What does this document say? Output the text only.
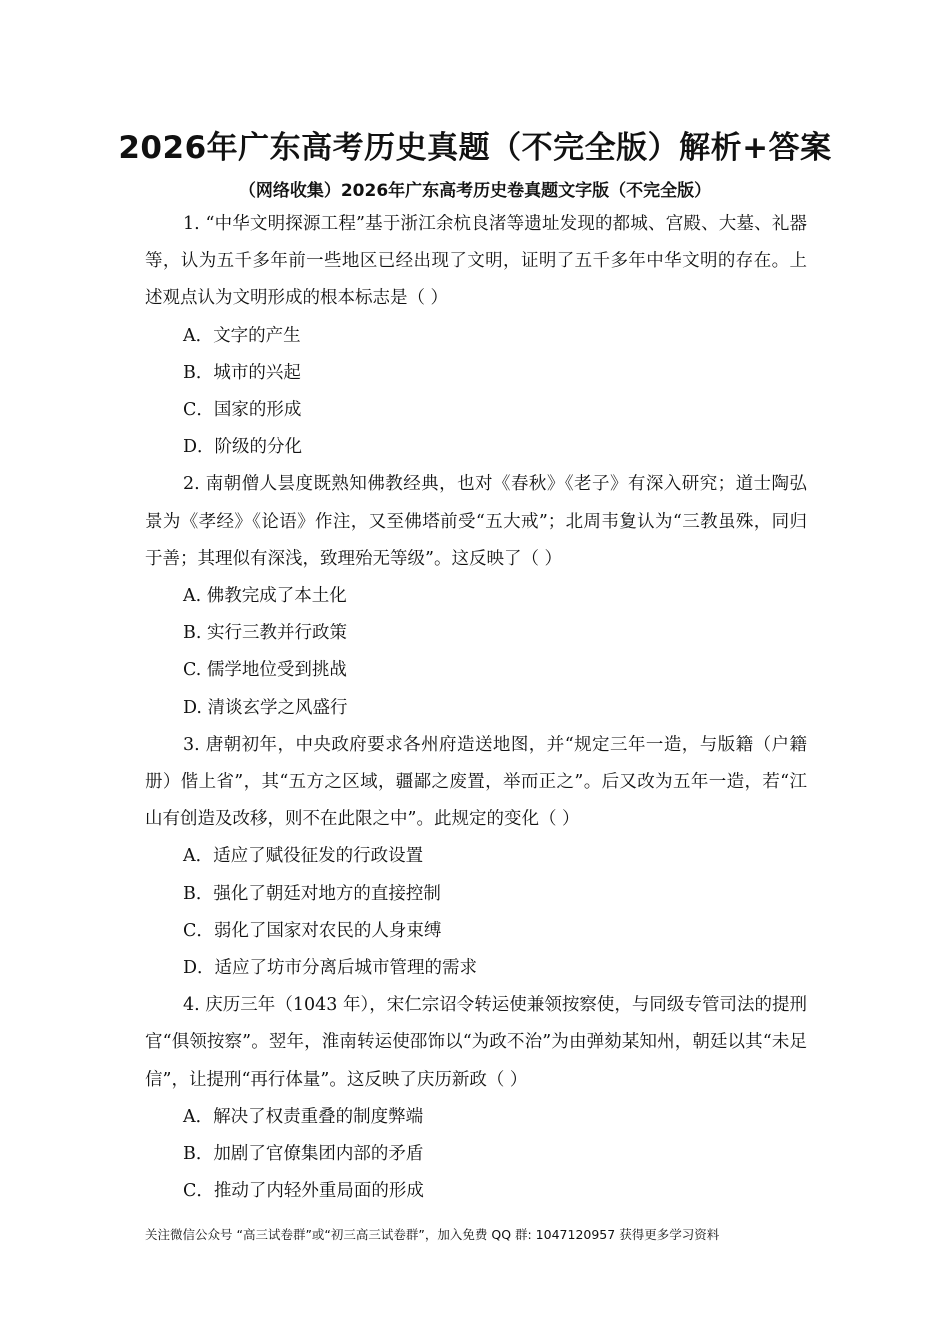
2026年广东高考历史真题（不完全版）解析+答案
（网络收集）2026年广东高考历史卷真题文字版（不完全版）

1. “中华文明探源工程”基于浙江余杭良渚等遗址发现的都城、宫殿、大墓、礼器等，认为五千多年前一些地区已经出现了文明，证明了五千多年中华文明的存在。上述观点认为文明形成的根本标志是（ ）

A．文字的产生

B．城市的兴起

C．国家的形成

D．阶级的分化

2. 南朝僧人昙度既熟知佛教经典，也对《春秋》《老子》有深入研究；道士陶弘景为《孝经》《论语》作注，又至佛塔前受“五大戒”；北周韦夐认为“三教虽殊，同归于善；其理似有深浅，致理殆无等级”。这反映了（ ）

A. 佛教完成了本土化

B. 实行三教并行政策

C. 儒学地位受到挑战

D. 清谈玄学之风盛行

3. 唐朝初年，中央政府要求各州府造送地图，并“规定三年一造，与版籍（户籍册）偕上省”，其“五方之区域，疆鄙之废置，举而正之”。后又改为五年一造，若“江山有创造及改移，则不在此限之中”。此规定的变化（ ）

A．适应了赋役征发的行政设置

B．强化了朝廷对地方的直接控制

C．弱化了国家对农民的人身束缚

D．适应了坊市分离后城市管理的需求

4. 庆历三年（1043 年），宋仁宗诏令转运使兼领按察使，与同级专管司法的提刑官“俱领按察”。翌年，淮南转运使邵饰以“为政不治”为由弹劾某知州，朝廷以其“未足信”，让提刑“再行体量”。这反映了庆历新政（ ）

A．解决了权责重叠的制度弊端

B．加剧了官僚集团内部的矛盾

C．推动了内轻外重局面的形成

关注微信公众号 “高三试卷群”或“初三高三试卷群”，加入免费 QQ 群: 1047120957 获得更多学习资料
